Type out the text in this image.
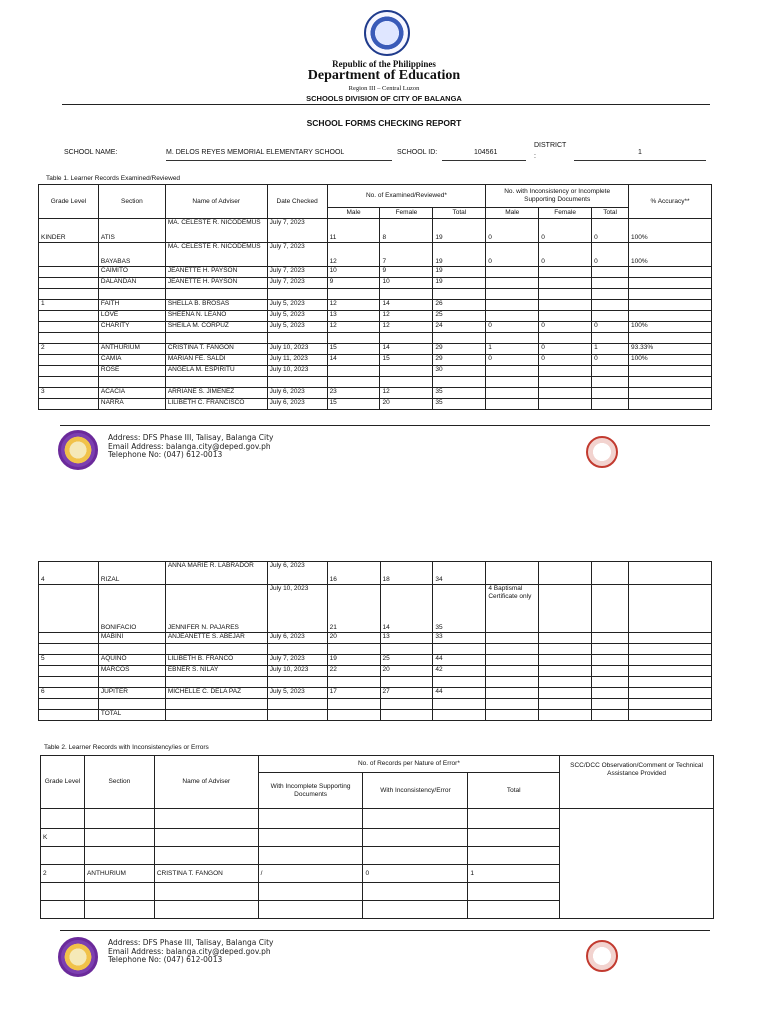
Republic of the Philippines
Department of Education
Region III – Central Luzon
SCHOOLS DIVISION OF CITY OF BALANGA
SCHOOL FORMS CHECKING REPORT
SCHOOL NAME:	M. DELOS REYES MEMORIAL ELEMENTARY SCHOOL	SCHOOL ID:	104561
DISTRICT
:
1
Table 1. Learner Records Examined/Reviewed
Grade Level	Section	Name of Adviser	Date Checked	No. of Examined/Reviewed*			No. with Inconsistency or Incomplete Supporting Documents			% Accuracy**
				Male	Female	Total	Male	Female	Total	
KINDER	ATIS	MA. CELESTE R. NICODEMUS	July 7, 2023	11	8	19	0	0	0	100%
	BAYABAS	MA. CELESTE R. NICODEMUS	July 7, 2023	12	7	19	0	0	0	100%
	CAIMITO	JEANETTE H. PAYSON	July 7, 2023	10	9	19				
	DALANDAN	JEANETTE H. PAYSON	July 7, 2023	9	10	19				

1	FAITH	SHELLA B. BROSAS	July 5, 2023	12	14	26				
	LOVE	SHEENA N. LEANO	July 5, 2023	13	12	25				
	CHARITY	SHEILA M. CORPUZ	July 5, 2023	12	12	24	0	0	0	100%

2	ANTHURIUM	CRISTINA T. FANGON	July 10, 2023	15	14	29	1	0	1	93.33%
	CAMIA	MARIAN FE. SALDI	July 11, 2023	14	15	29	0	0	0	100%
	ROSE	ANGELA M. ESPIRITU	July 10, 2023			30				

3	ACACIA	ARRIANE S. JIMENEZ	July 6, 2023	23	12	35				
	NARRA	LILIBETH C. FRANCISCO	July 6, 2023	15	20	35				
Address: DFS Phase III, Talisay, Balanga City
Email Address: balanga.city@deped.gov.ph
Telephone No: (047) 612-0013
4	RIZAL	ANNA MARIE R. LABRADOR	July 6, 2023	16	18	34				
	BONIFACIO	JENNIFER N. PAJARES	July 10, 2023	21	14	35	4 Baptismal Certificate only			
	MABINI	ANJEANETTE S. ABEJAR	July 6, 2023	20	13	33				

5	AQUINO	LILIBETH B. FRANCO	July 7, 2023	19	25	44				
	MARCOS	EBNER S. NILAY	July 10, 2023	22	20	42				

6	JUPITER	MICHELLE C. DELA PAZ	July 5, 2023	17	27	44				

	TOTAL									
Table 2. Learner Records with Inconsistency/ies or Errors
Grade Level	Section	Name of Adviser	No. of Records per Nature of Error*			SCC/DCC Observation/Comment or Technical Assistance Provided
			With Incomplete Supporting Documents	With Inconsistency/Error	Total	

K						

2	ANTHURIUM	CRISTINA T. FANGON	/	0	1	

Address: DFS Phase III, Talisay, Balanga City
Email Address: balanga.city@deped.gov.ph
Telephone No: (047) 612-0013
